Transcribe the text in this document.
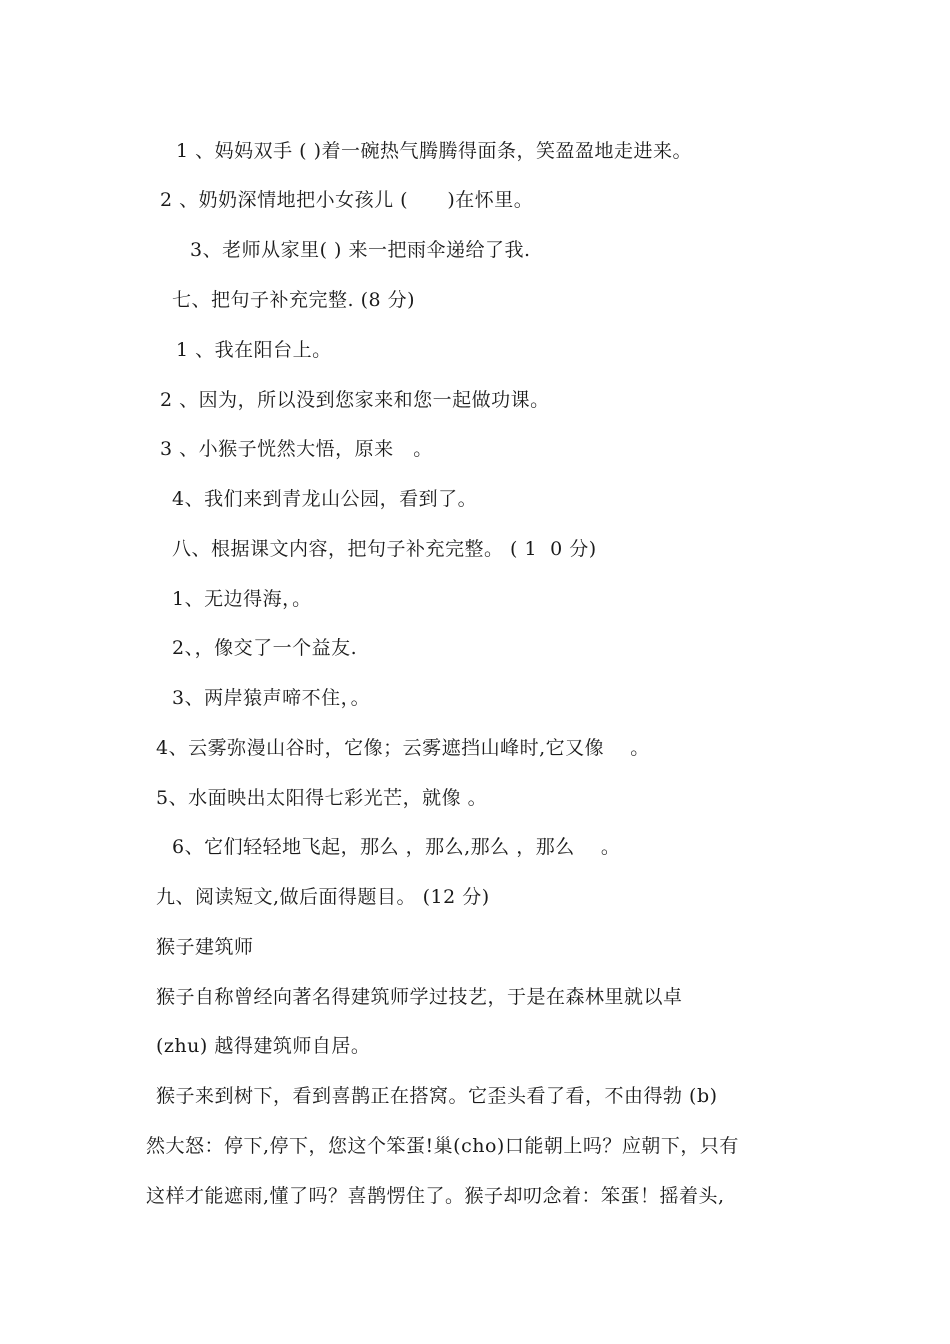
1 、妈妈双手 ( )着一碗热气腾腾得面条，笑盈盈地走进来。
2 、奶奶深情地把小女孩儿 (      )在怀里。
3、老师从家里( ) 来一把雨伞递给了我.
七、把句子补充完整. (8 分)
1 、我在阳台上。
2 、因为，所以没到您家来和您一起做功课。
3 、小猴子恍然大悟，原来   。
4、我们来到青龙山公园，看到了。
八、根据课文内容，把句子补充完整。 ( 1  0 分)
1、无边得海，。
2、，像交了一个益友.
3、两岸猿声啼不住，。
4、云雾弥漫山谷时，它像；云雾遮挡山峰时,它又像    。
5、水面映出太阳得七彩光芒，就像 。
6、它们轻轻地飞起，那么 ，那么,那么 ，那么    。
九、阅读短文,做后面得题目。 (12 分)
猴子建筑师
猴子自称曾经向著名得建筑师学过技艺，于是在森林里就以卓
(zhu) 越得建筑师自居。
猴子来到树下，看到喜鹊正在搭窝。它歪头看了看，不由得勃 (b)
然大怒：停下,停下，您这个笨蛋!巢(cho)口能朝上吗？应朝下，只有
这样才能遮雨,懂了吗？喜鹊愣住了。猴子却叨念着：笨蛋！摇着头,
